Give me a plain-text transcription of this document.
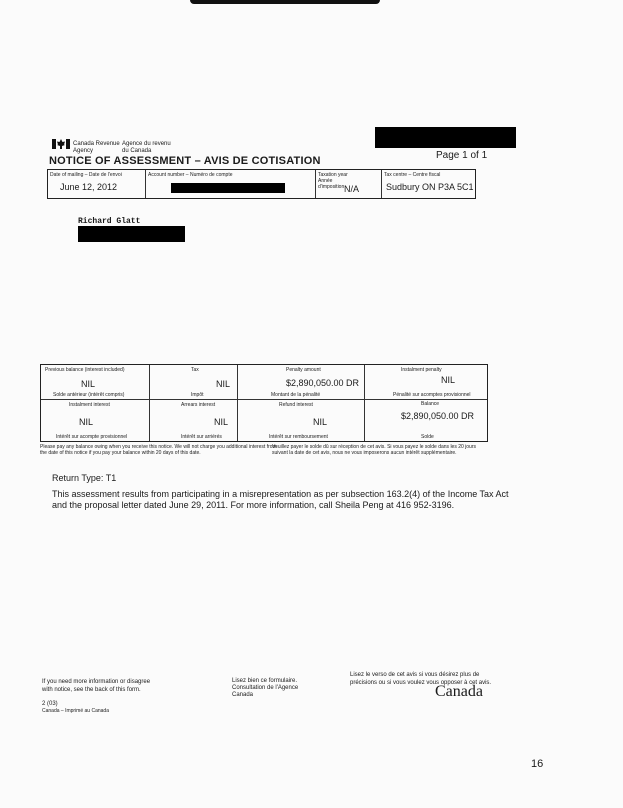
Canada Revenue Agency
Agence du revenu du Canada	Page 1 of 1
NOTICE OF ASSESSMENT – AVIS DE COTISATION
Date of mailing – Date de l'envoi
June 12, 2012
Account number – Numéro de compte	Taxation year Année d'imposition N/A
Tax centre – Centre fiscal
Sudbury ON P3A 5C1
Richard Glatt
Previous balance (interest included)
NIL
Solde antérieur (intérêt compris)
Tax
NIL
Impôt
Penalty amount
$2,890,050.00 DR
Montant de la pénalité
Instalment penalty
NIL
Pénalité sur acomptes provisionnel
Instalment interest
NIL
Intérêt sur acompte provisionnel
Arrears interest
NIL
Intérêt sur arriérés
Refund interest
NIL
Intérêt sur remboursement
Balance
$2,890,050.00 DR
Solde
Please pay any balance owing when you receive this notice. We will not charge you additional interest from the date of this notice if you pay your balance within 20 days of this date.
Veuillez payer le solde dû sur réception de cet avis. Si vous payez le solde dans les 20 jours suivant la date de cet avis, nous ne vous imposerons aucun intérêt supplémentaire.
Return Type: T1
This assessment results from participating in a misrepresentation as per subsection 163.2(4) of the Income Tax Act and the proposal letter dated June 29, 2011. For more information, call Sheila Peng at 416 952-3196.
If you need more information or disagree with notice, see the back of this form.
2 (03)
Canada – Imprimé au Canada
Lisez bien ce formulaire. Consultation de l'Agence Canada
Lisez le verso de cet avis si vous désirez plus de précisions ou si vous voulez vous opposer à cet avis.
Canada
16
